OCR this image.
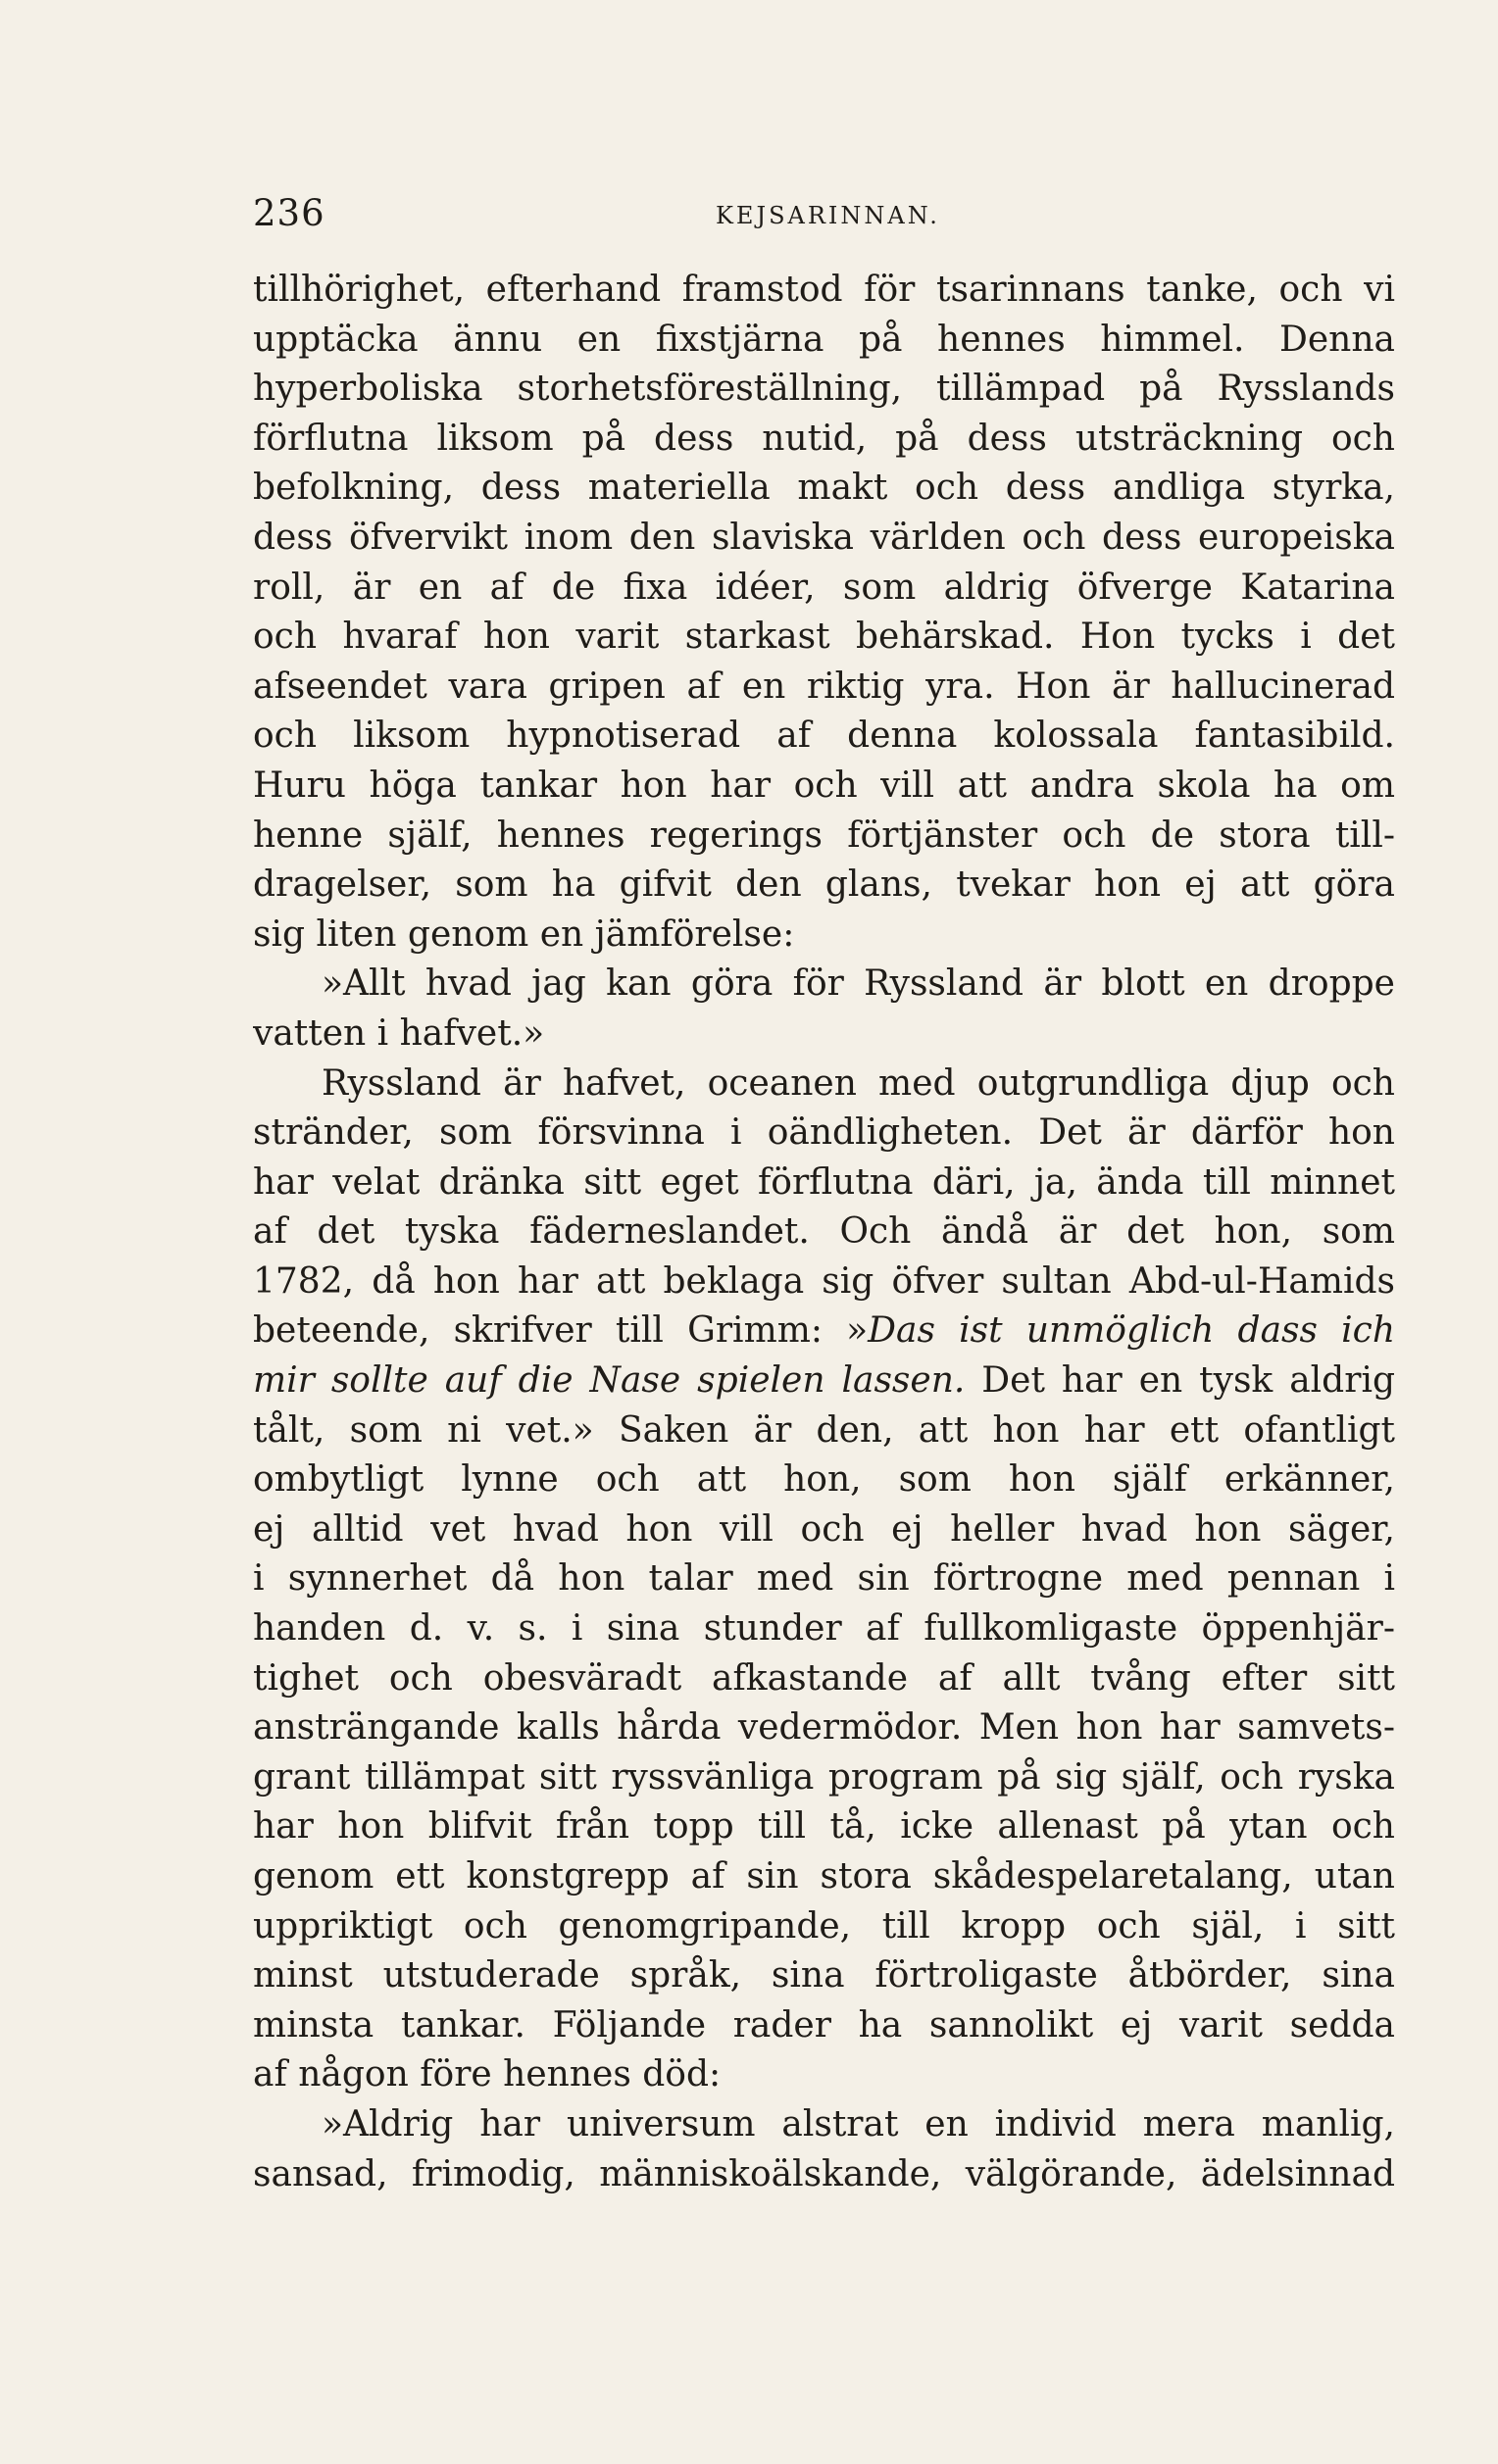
236	KEJSARINNAN.
tillhörighet, efterhand framstod för tsarinnans tanke, och vi
upptäcka ännu en fixstjärna på hennes himmel. Denna
hyperboliska storhetsföreställning, tillämpad på Rysslands
förflutna liksom på dess nutid, på dess utsträckning och
befolkning, dess materiella makt och dess andliga styrka,
dess öfvervikt inom den slaviska världen och dess europeiska
roll, är en af de fixa idéer, som aldrig öfverge Katarina
och hvaraf hon varit starkast behärskad. Hon tycks i det
afseendet vara gripen af en riktig yra. Hon är hallucinerad
och liksom hypnotiserad af denna kolossala fantasibild.
Huru höga tankar hon har och vill att andra skola ha om
henne själf, hennes regerings förtjänster och de stora till-
dragelser, som ha gifvit den glans, tvekar hon ej att göra
sig liten genom en jämförelse:
»Allt hvad jag kan göra för Ryssland är blott en droppe
vatten i hafvet.»
Ryssland är hafvet, oceanen med outgrundliga djup och
stränder, som försvinna i oändligheten. Det är därför hon
har velat dränka sitt eget förflutna däri, ja, ända till minnet
af det tyska fäderneslandet. Och ändå är det hon, som
1782, då hon har att beklaga sig öfver sultan Abd-ul-Hamids
beteende, skrifver till Grimm: »Das ist unmöglich dass ich
mir sollte auf die Nase spielen lassen. Det har en tysk aldrig
tålt, som ni vet.» Saken är den, att hon har ett ofantligt
ombytligt lynne och att hon, som hon själf erkänner,
ej alltid vet hvad hon vill och ej heller hvad hon säger,
i synnerhet då hon talar med sin förtrogne med pennan i
handen d. v. s. i sina stunder af fullkomligaste öppenhjär-
tighet och obesväradt afkastande af allt tvång efter sitt
ansträngande kalls hårda vedermödor. Men hon har samvets-
grant tillämpat sitt ryssvänliga program på sig själf, och ryska
har hon blifvit från topp till tå, icke allenast på ytan och
genom ett konstgrepp af sin stora skådespelaretalang, utan
uppriktigt och genomgripande, till kropp och själ, i sitt
minst utstuderade språk, sina förtroligaste åtbörder, sina
minsta tankar. Följande rader ha sannolikt ej varit sedda
af någon före hennes död:
»Aldrig har universum alstrat en individ mera manlig,
sansad, frimodig, människoälskande, välgörande, ädelsinnad
